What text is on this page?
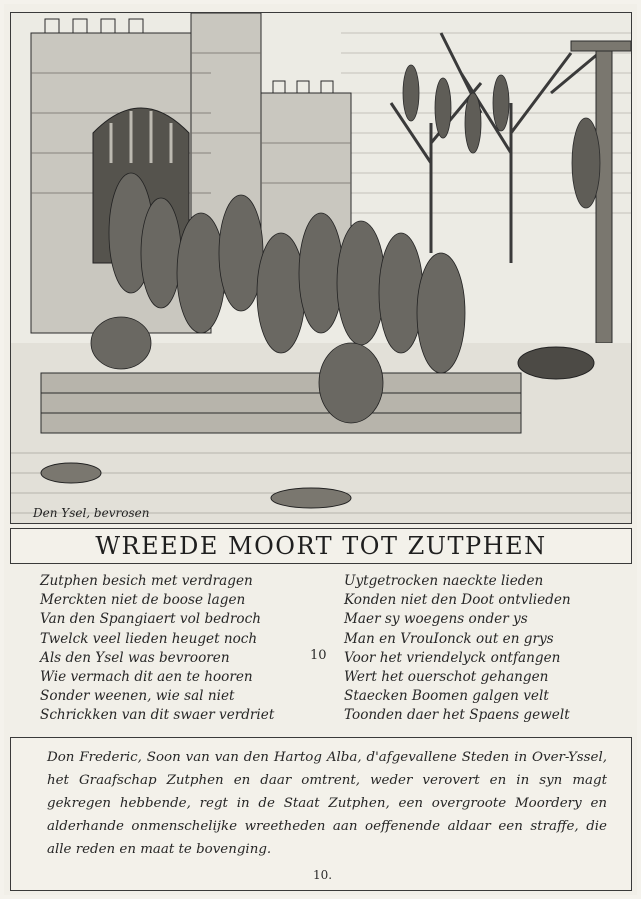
Den Ysel, bevrosen
WREEDE MOORT TOT ZUTPHEN
Zutphen besich met verdragen
Merckten niet de boose lagen
Van den Spangiaert vol bedroch
Twelck veel lieden heuget noch
Als den Ysel was bevrooren
Wie vermach dit aen te hooren
Sonder weenen, wie sal niet
Schrickken van dit swaer verdriet
10
Uytgetrocken naeckte lieden
Konden niet den Doot ontvlieden
Maer sy woegens onder ys
Man en VrouIonck out en grys
Voor het vriendelyck ontfangen
Wert het ouerschot gehangen
Staecken Boomen galgen velt
Toonden daer het Spaens gewelt
Don Frederic, Soon van van den Hartog Alba, d'afgevallene Steden in Over-Yssel, het Graafschap Zutphen en daar omtrent, weder verovert en in syn magt gekregen hebbende, regt in de Staat Zutphen, een overgroote Moordery en alderhande onmenschelijke wreetheden aan oeffenende aldaar een straffe, die alle reden en maat te bovenging.
10.
